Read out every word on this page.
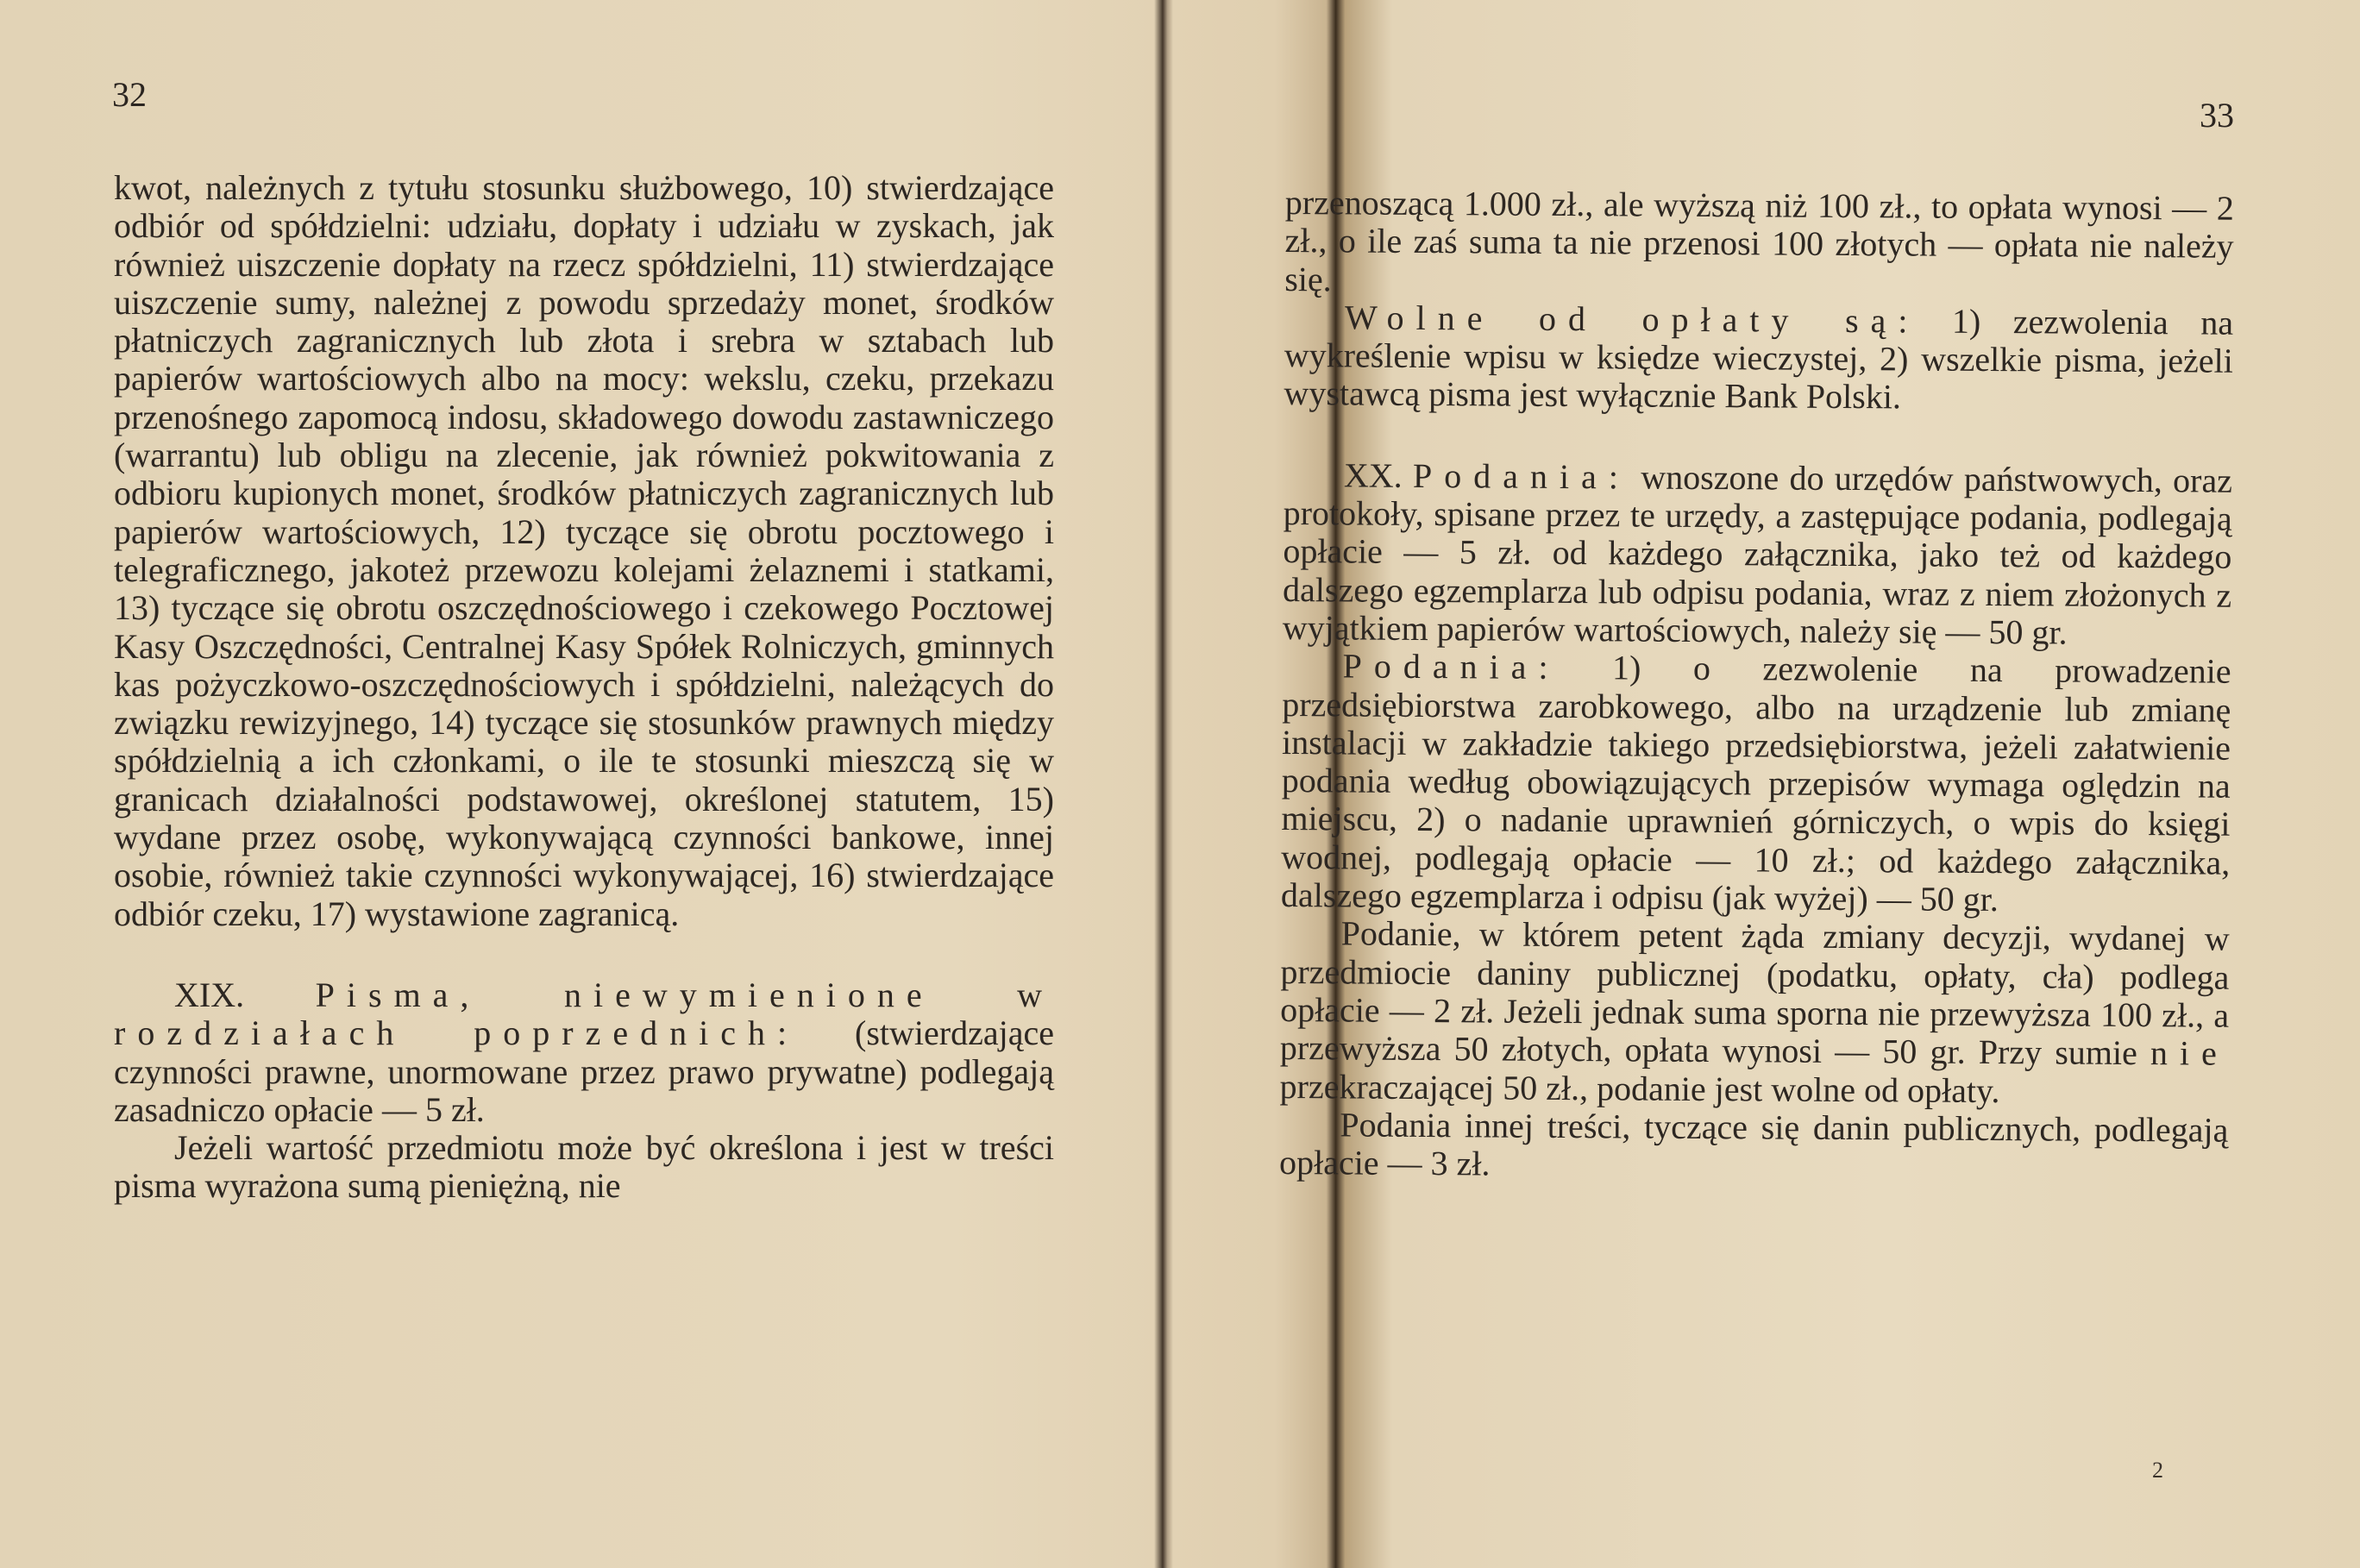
32

kwot, należnych z tytułu stosunku służbowego, 10) stwierdzające odbiór od spółdzielni: udziału, dopłaty i udziału w zyskach, jak również uiszczenie dopłaty na rzecz spółdzielni, 11) stwierdzające uiszczenie sumy, należnej z powodu sprzedaży monet, środków płatniczych zagranicznych lub złota i srebra w sztabach lub papierów wartościowych albo na mocy: wekslu, czeku, przekazu przenośnego zapomocą indosu, składowego dowodu zastawniczego (warrantu) lub obligu na zlecenie, jak również pokwitowania z odbioru kupionych monet, środków płatniczych zagranicznych lub papierów wartościowych, 12) tyczące się obrotu pocztowego i telegraficznego, jakoteż przewozu kolejami żelaznemi i statkami, 13) tyczące się obrotu oszczędnościowego i czekowego Pocztowej Kasy Oszczędności, Centralnej Kasy Spółek Rolniczych, gminnych kas pożyczkowo-oszczędnościowych i spółdzielni, należących do związku rewizyjnego, 14) tyczące się stosunków prawnych między spółdzielnią a ich członkami, o ile te stosunki mieszczą się w granicach działalności podstawowej, określonej statutem, 15) wydane przez osobę, wykonywającą czynności bankowe, innej osobie, również takie czynności wykonywającej, 16) stwierdzające odbiór czeku, 17) wystawione zagranicą.

XIX. Pisma, niewymienione w rozdziałach poprzednich: (stwierdzające czynności prawne, unormowane przez prawo prywatne) podlegają zasadniczo opłacie — 5 zł.

Jeżeli wartość przedmiotu może być określona i jest w treści pisma wyrażona sumą pieniężną, nie

33

przenoszącą 1.000 zł., ale wyższą niż 100 zł., to opłata wynosi — 2 zł., o ile zaś suma ta nie przenosi 100 złotych — opłata nie należy się.

Wolne od opłaty są: 1) zezwolenia na wykreślenie wpisu w księdze wieczystej, 2) wszelkie pisma, jeżeli wystawcą pisma jest wyłącznie Bank Polski.

XX. Podania: wnoszone do urzędów państwowych, oraz protokoły, spisane przez te urzędy, a zastępujące podania, podlegają opłacie — 5 zł. od każdego załącznika, jako też od każdego dalszego egzemplarza lub odpisu podania, wraz z niem złożonych z wyjątkiem papierów wartościowych, należy się — 50 gr.

Podania: 1) o zezwolenie na prowadzenie przedsiębiorstwa zarobkowego, albo na urządzenie lub zmianę instalacji w zakładzie takiego przedsiębiorstwa, jeżeli załatwienie podania według obowiązujących przepisów wymaga oględzin na miejscu, 2) o nadanie uprawnień górniczych, o wpis do księgi wodnej, podlegają opłacie — 10 zł.; od każdego załącznika, dalszego egzemplarza i odpisu (jak wyżej) — 50 gr.

Podanie, w którem petent żąda zmiany decyzji, wydanej w przedmiocie daniny publicznej (podatku, opłaty, cła) podlega opłacie — 2 zł. Jeżeli jednak suma sporna nie przewyższa 100 zł., a przewyższa 50 złotych, opłata wynosi — 50 gr. Przy sumie nie przekraczającej 50 zł., podanie jest wolne od opłaty.

Podania innej treści, tyczące się danin publicznych, podlegają opłacie — 3 zł.

2
